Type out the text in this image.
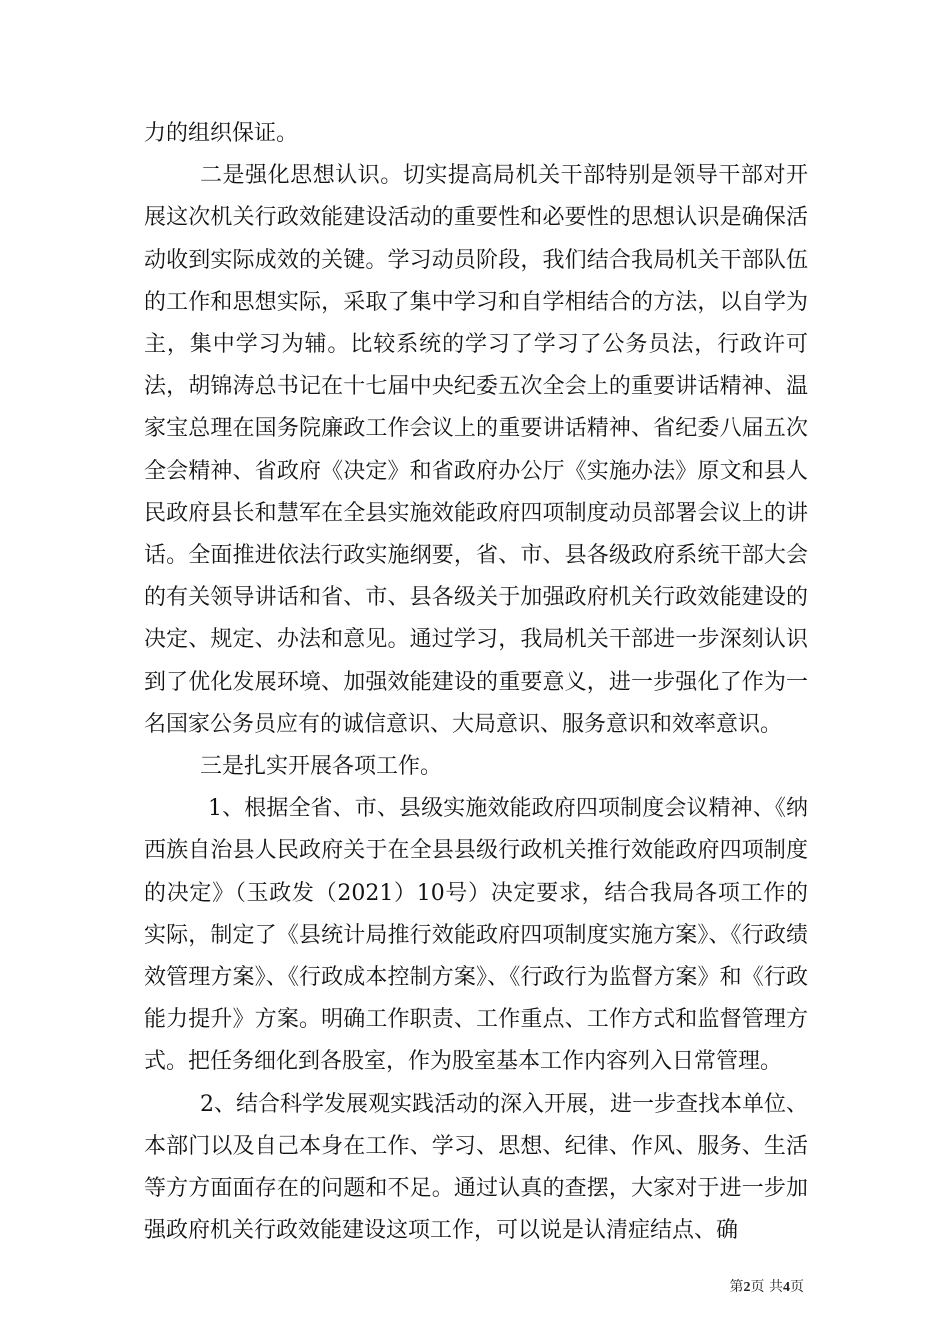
力的组织保证。

二是强化思想认识。切实提高局机关干部特别是领导干部对开展这次机关行政效能建设活动的重要性和必要性的思想认识是确保活动收到实际成效的关键。学习动员阶段，我们结合我局机关干部队伍的工作和思想实际，采取了集中学习和自学相结合的方法，以自学为主，集中学习为辅。比较系统的学习了学习了公务员法，行政许可法，胡锦涛总书记在十七届中央纪委五次全会上的重要讲话精神、温家宝总理在国务院廉政工作会议上的重要讲话精神、省纪委八届五次全会精神、省政府《决定》和省政府办公厅《实施办法》原文和县人民政府县长和慧军在全县实施效能政府四项制度动员部署会议上的讲话。全面推进依法行政实施纲要，省、市、县各级政府系统干部大会的有关领导讲话和省、市、县各级关于加强政府机关行政效能建设的决定、规定、办法和意见。通过学习，我局机关干部进一步深刻认识到了优化发展环境、加强效能建设的重要意义，进一步强化了作为一名国家公务员应有的诚信意识、大局意识、服务意识和效率意识。

三是扎实开展各项工作。

1、根据全省、市、县级实施效能政府四项制度会议精神、《纳西族自治县人民政府关于在全县县级行政机关推行效能政府四项制度的决定》（玉政发（2021）10号）决定要求，结合我局各项工作的实际，制定了《县统计局推行效能政府四项制度实施方案》、《行政绩效管理方案》、《行政成本控制方案》、《行政行为监督方案》和《行政能力提升》方案。明确工作职责、工作重点、工作方式和监督管理方式。把任务细化到各股室，作为股室基本工作内容列入日常管理。

2、结合科学发展观实践活动的深入开展，进一步查找本单位、本部门以及自己本身在工作、学习、思想、纪律、作风、服务、生活等方方面面存在的问题和不足。通过认真的查摆，大家对于进一步加强政府机关行政效能建设这项工作，可以说是认清症结点、确

第2页 共4页
